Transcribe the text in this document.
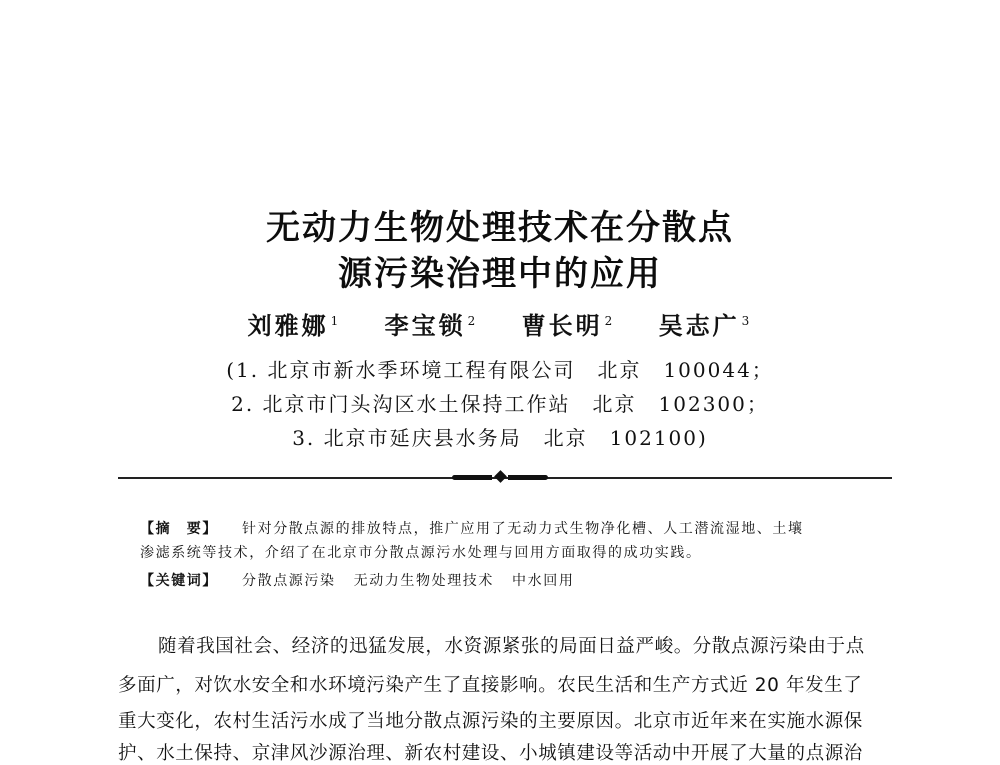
无动力生物处理技术在分散点
源污染治理中的应用
刘雅娜 $^1$ 李宝锁 $^2$ 曹长明 $^2$ 吴志广 $^3$
(1. 北京市新水季环境工程有限公司　北京　100044；
2. 北京市门头沟区水土保持工作站　北京　102300；
3. 北京市延庆县水务局　北京　102100)
【摘　要】 针对分散点源的排放特点，推广应用了无动力式生物净化槽、人工潜流湿地、土壤
渗滤系统等技术，介绍了在北京市分散点源污水处理与回用方面取得的成功实践。
【关键词】 分散点源污染 无动力生物处理技术 中水回用
随着我国社会、经济的迅猛发展，水资源紧张的局面日益严峻。分散点源污染由于点
多面广，对饮水安全和水环境污染产生了直接影响。农民生活和生产方式近 20 年发生了
重大变化，农村生活污水成了当地分散点源污染的主要原因。北京市近年来在实施水源保
护、水土保持、京津风沙源治理、新农村建设、小城镇建设等活动中开展了大量的点源治
